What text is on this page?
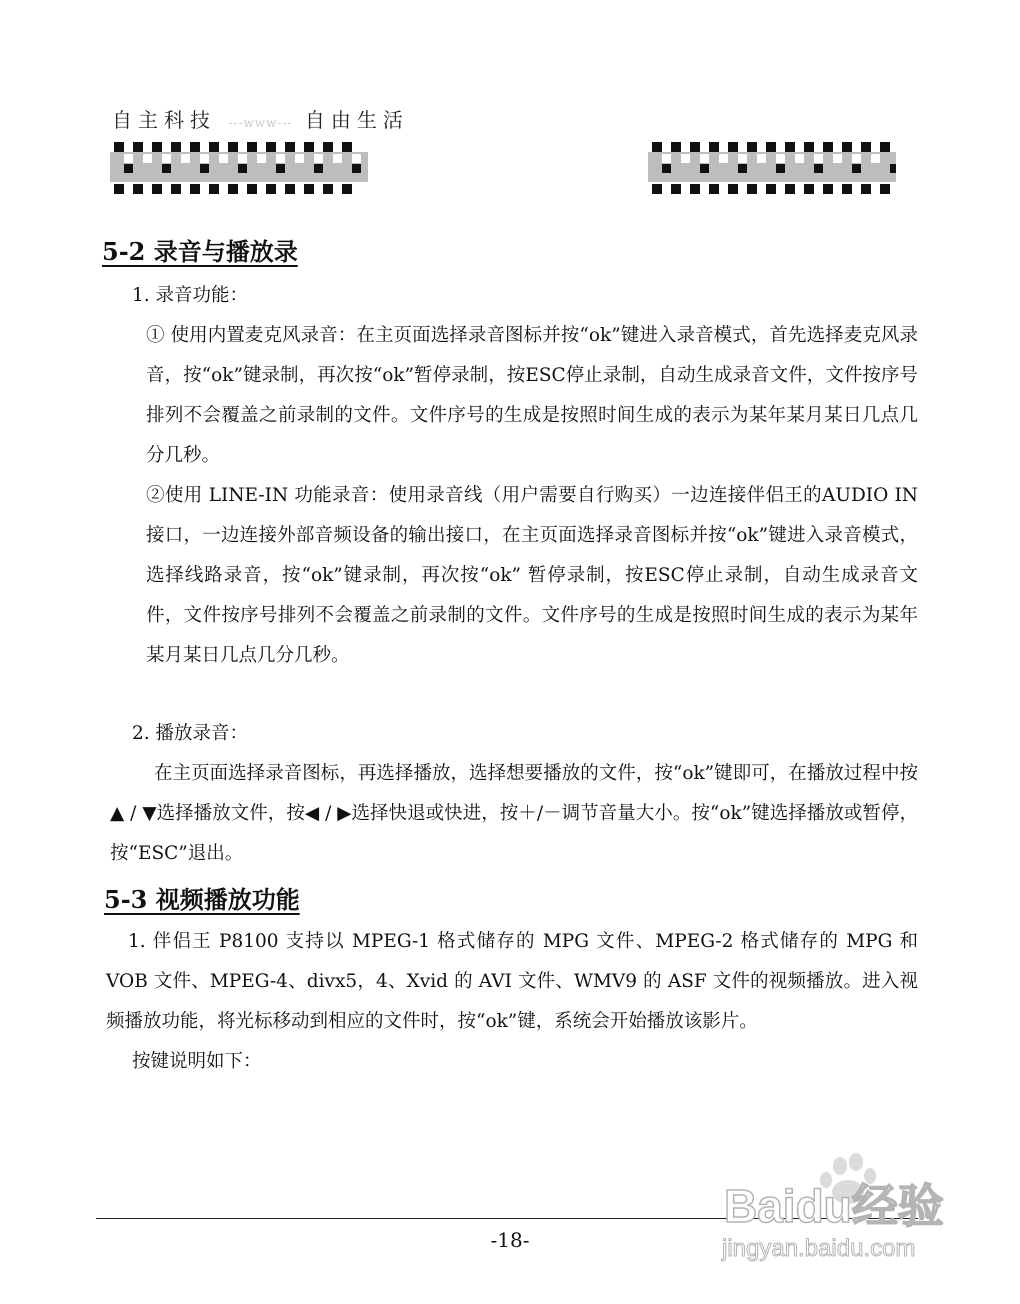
自主科技 ---www--- 自由生活
5-2 录音与播放录
1. 录音功能：

① 使用内置麦克风录音：在主页面选择录音图标并按“ok”键进入录音模式，首先选择麦克风录音，按“ok”键录制，再次按“ok”暂停录制，按ESC停止录制，自动生成录音文件，文件按序号排列不会覆盖之前录制的文件。文件序号的生成是按照时间生成的表示为某年某月某日几点几分几秒。

②使用 LINE-IN 功能录音：使用录音线（用户需要自行购买）一边连接伴侣王的AUDIO IN接口，一边连接外部音频设备的输出接口，在主页面选择录音图标并按“ok”键进入录音模式，选择线路录音，按“ok”键录制，再次按“ok” 暂停录制，按ESC停止录制，自动生成录音文件，文件按序号排列不会覆盖之前录制的文件。文件序号的生成是按照时间生成的表示为某年某月某日几点几分几秒。

2. 播放录音：

在主页面选择录音图标，再选择播放，选择想要播放的文件，按“ok”键即可，在播放过程中按▲ / ▼选择播放文件，按◀ / ▶选择快退或快进，按＋/－调节音量大小。按“ok”键选择播放或暂停，按“ESC”退出。

5-3 视频播放功能

1. 伴侣王 P8100 支持以 MPEG-1 格式储存的 MPG 文件、MPEG-2 格式储存的 MPG 和 VOB 文件、MPEG-4、divx5，4、Xvid 的 AVI 文件、WMV9 的 ASF 文件的视频播放。进入视频播放功能，将光标移动到相应的文件时，按“ok”键，系统会开始播放该影片。

按键说明如下：
-18-
Baidu经验
jingyan.baidu.com
